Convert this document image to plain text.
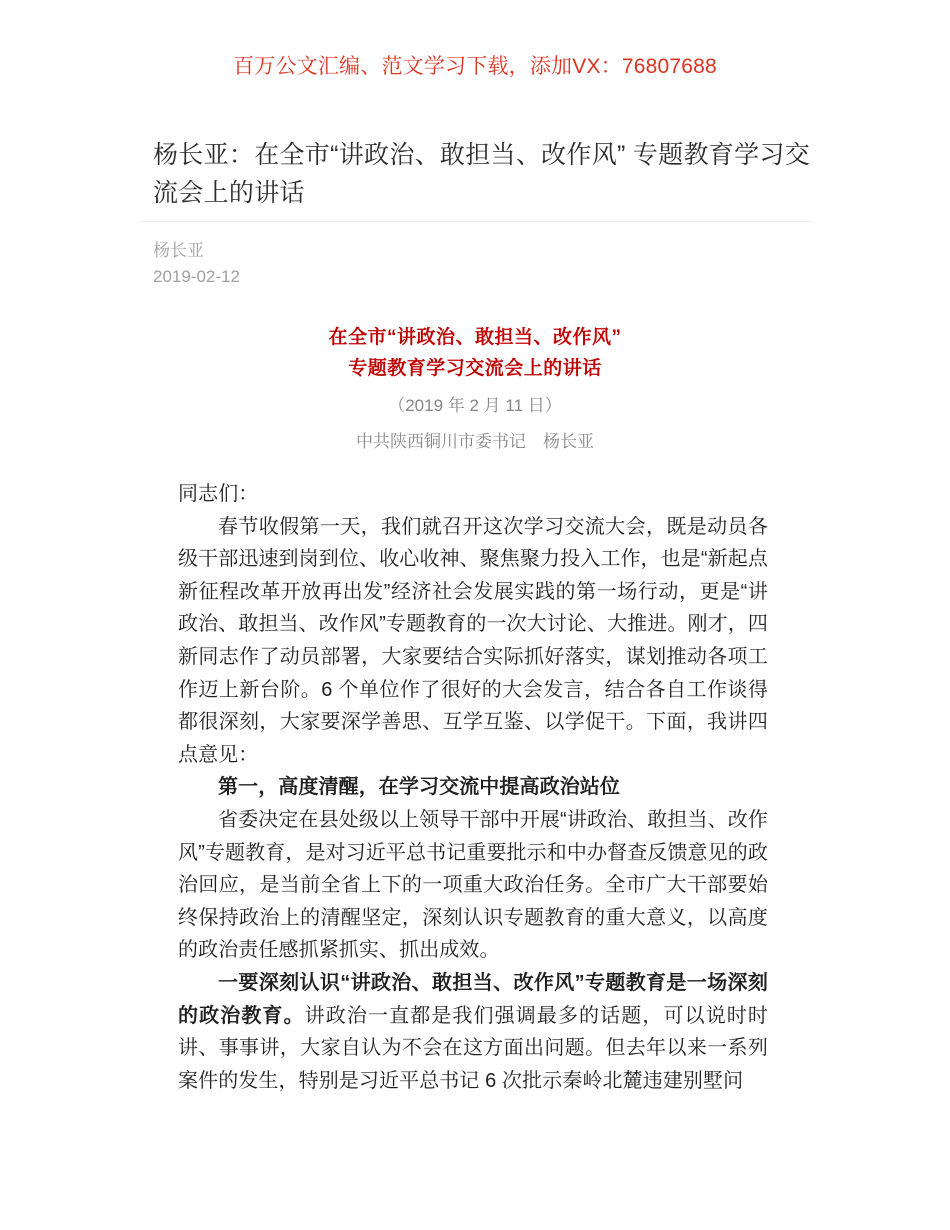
百万公文汇编、范文学习下载，添加VX：76807688
杨长亚：在全市“讲政治、敢担当、改作风” 专题教育学习交流会上的讲话
杨长亚
2019-02-12
在全市“讲政治、敢担当、改作风”
专题教育学习交流会上的讲话
（2019 年 2 月 11 日）
中共陕西铜川市委书记　杨长亚

同志们：

春节收假第一天，我们就召开这次学习交流大会，既是动员各级干部迅速到岗到位、收心收神、聚焦聚力投入工作，也是“新起点新征程改革开放再出发”经济社会发展实践的第一场行动，更是“讲政治、敢担当、改作风”专题教育的一次大讨论、大推进。刚才，四新同志作了动员部署，大家要结合实际抓好落实，谋划推动各项工作迈上新台阶。6 个单位作了很好的大会发言，结合各自工作谈得都很深刻，大家要深学善思、互学互鉴、以学促干。下面，我讲四点意见：

第一，高度清醒，在学习交流中提高政治站位

省委决定在县处级以上领导干部中开展“讲政治、敢担当、改作风”专题教育，是对习近平总书记重要批示和中办督查反馈意见的政治回应，是当前全省上下的一项重大政治任务。全市广大干部要始终保持政治上的清醒坚定，深刻认识专题教育的重大意义，以高度的政治责任感抓紧抓实、抓出成效。

一要深刻认识“讲政治、敢担当、改作风”专题教育是一场深刻的政治教育。讲政治一直都是我们强调最多的话题，可以说时时讲、事事讲，大家自认为不会在这方面出问题。但去年以来一系列案件的发生，特别是习近平总书记 6 次批示秦岭北麓违建别墅问
